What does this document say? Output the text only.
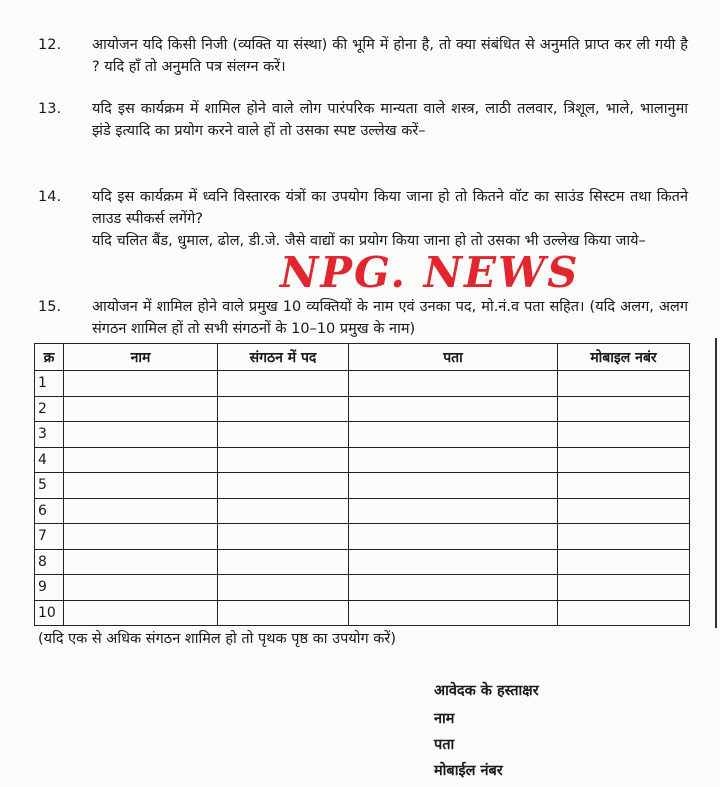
12.	आयोजन यदि किसी निजी (व्यक्ति या संस्था) की भूमि में होना है, तो क्या संबंधित से अनुमति प्राप्त कर ली गयी है ? यदि हॉं तो अनुमति पत्र संलग्न करें।

13.	यदि इस कार्यक्रम में शामिल होने वाले लोग पारंपरिक मान्यता वाले शस्त्र, लाठी तलवार, त्रिशूल, भाले, भालानुमा झंडे इत्यादि का प्रयोग करने वाले हों तो उसका स्पष्ट उल्लेख करें–

14.	यदि इस कार्यक्रम में ध्वनि विस्तारक यंत्रों का उपयोग किया जाना हो तो कितने वॉट का साउंड सिस्टम तथा कितने लाउड स्पीकर्स लगेंगे?

यदि चलित बैंड, धुमाल, ढोल, डी.जे. जैसे वाद्यों का प्रयोग किया जाना हो तो उसका भी उल्लेख किया जाये–

NPG. NEWS
15.	आयोजन में शामिल होने वाले प्रमुख 10 व्यक्तियों के नाम एवं उनका पद, मो.नं.व पता सहित। (यदि अलग, अलग संगठन शामिल हों तो सभी संगठनों के 10–10 प्रमुख के नाम)

क्र	नाम	संगठन में पद	पता	मोबाइल नबंर
1				
2				
3				
4				
5				
6				
7				
8				
9				
10				
(यदि एक से अधिक संगठन शामिल हो तो पृथक पृष्ठ का उपयोग करें)
आवेदक के हस्ताक्षर
नाम
पता
मोबाईल नंबर
